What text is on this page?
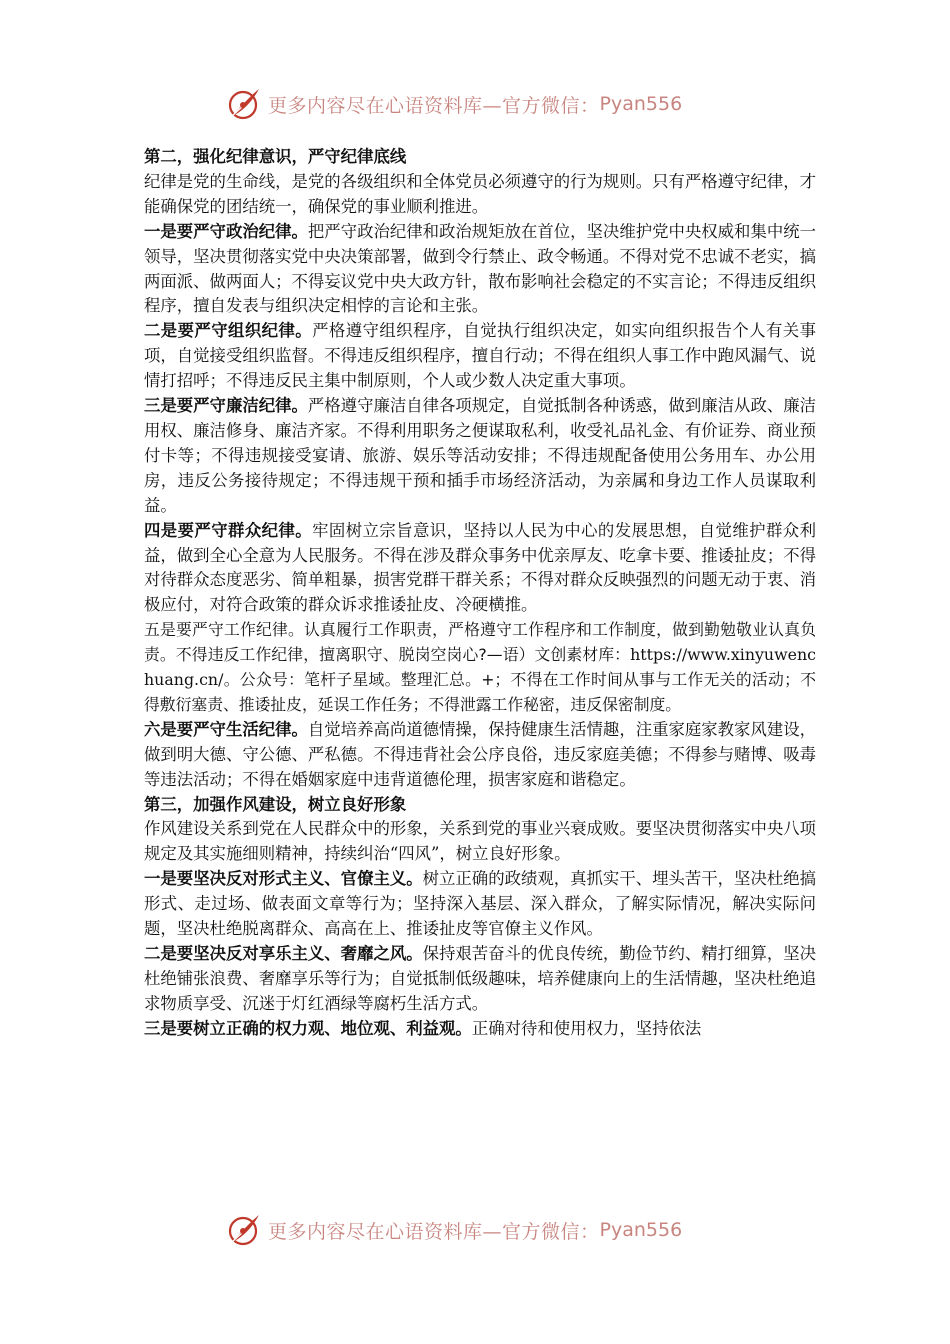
更多内容尽在心语资料库—官方微信： Pyan556

第二，强化纪律意识，严守纪律底线

纪律是党的生命线，是党的各级组织和全体党员必须遵守的行为规则。只有严格遵守纪律，才能确保党的团结统一，确保党的事业顺利推进。

一是要严守政治纪律。把严守政治纪律和政治规矩放在首位，坚决维护党中央权威和集中统一领导，坚决贯彻落实党中央决策部署，做到令行禁止、政令畅通。不得对党不忠诚不老实，搞两面派、做两面人；不得妄议党中央大政方针，散布影响社会稳定的不实言论；不得违反组织程序，擅自发表与组织决定相悖的言论和主张。

二是要严守组织纪律。严格遵守组织程序，自觉执行组织决定，如实向组织报告个人有关事项，自觉接受组织监督。不得违反组织程序，擅自行动；不得在组织人事工作中跑风漏气、说情打招呼；不得违反民主集中制原则，个人或少数人决定重大事项。

三是要严守廉洁纪律。严格遵守廉洁自律各项规定，自觉抵制各种诱惑，做到廉洁从政、廉洁用权、廉洁修身、廉洁齐家。不得利用职务之便谋取私利，收受礼品礼金、有价证券、商业预付卡等；不得违规接受宴请、旅游、娱乐等活动安排；不得违规配备使用公务用车、办公用房，违反公务接待规定；不得违规干预和插手市场经济活动，为亲属和身边工作人员谋取利益。

四是要严守群众纪律。牢固树立宗旨意识，坚持以人民为中心的发展思想，自觉维护群众利益，做到全心全意为人民服务。不得在涉及群众事务中优亲厚友、吃拿卡要、推诿扯皮；不得对待群众态度恶劣、简单粗暴，损害党群干群关系；不得对群众反映强烈的问题无动于衷、消极应付，对符合政策的群众诉求推诿扯皮、冷硬横推。

五是要严守工作纪律。认真履行工作职责，严格遵守工作程序和工作制度，做到勤勉敬业认真负责。不得违反工作纪律，擅离职守、脱岗空岗心?—语）文创素材库：https://www.xinyuwenchuang.cn/。公众号：笔杆子星域。整理汇总。+；不得在工作时间从事与工作无关的活动；不得敷衍塞责、推诿扯皮，延误工作任务；不得泄露工作秘密，违反保密制度。

六是要严守生活纪律。自觉培养高尚道德情操，保持健康生活情趣，注重家庭家教家风建设，做到明大德、守公德、严私德。不得违背社会公序良俗，违反家庭美德；不得参与赌博、吸毒等违法活动；不得在婚姻家庭中违背道德伦理，损害家庭和谐稳定。

第三，加强作风建设，树立良好形象

作风建设关系到党在人民群众中的形象，关系到党的事业兴衰成败。要坚决贯彻落实中央八项规定及其实施细则精神，持续纠治“四风”，树立良好形象。

一是要坚决反对形式主义、官僚主义。树立正确的政绩观，真抓实干、埋头苦干，坚决杜绝搞形式、走过场、做表面文章等行为；坚持深入基层、深入群众，了解实际情况，解决实际问题，坚决杜绝脱离群众、高高在上、推诿扯皮等官僚主义作风。

二是要坚决反对享乐主义、奢靡之风。保持艰苦奋斗的优良传统，勤俭节约、精打细算，坚决杜绝铺张浪费、奢靡享乐等行为；自觉抵制低级趣味，培养健康向上的生活情趣，坚决杜绝追求物质享受、沉迷于灯红酒绿等腐朽生活方式。

三是要树立正确的权力观、地位观、利益观。正确对待和使用权力，坚持依法

更多内容尽在心语资料库—官方微信： Pyan556
